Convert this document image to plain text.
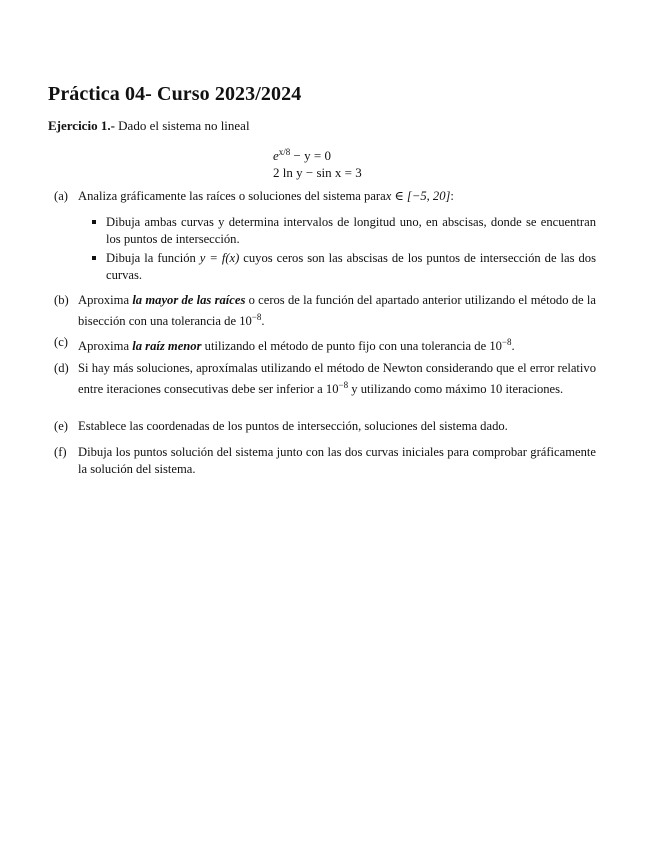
Práctica 04- Curso 2023/2024
Ejercicio 1.- Dado el sistema no lineal
$e^{x/8} - y = 0$
2 ln y − sin x = 3
(a) Analiza gráficamente las raíces o soluciones del sistema parax ∈ [−5, 20]:
Dibuja ambas curvas y determina intervalos de longitud uno, en abscisas, donde se encuentran los puntos de intersección.
Dibuja la función y = f(x) cuyos ceros son las abscisas de los puntos de intersección de las dos curvas.
(b) Aproxima la mayor de las raíces o ceros de la función del apartado anterior utilizando el método de la bisección con una tolerancia de $10^{-8}$.
(c) Aproxima la raíz menor utilizando el método de punto fijo con una tolerancia de $10^{-8}$.
(d) Si hay más soluciones, aproxímalas utilizando el método de Newton considerando que el error relativo entre iteraciones consecutivas debe ser inferior a $10^{-8}$ y utilizando como máximo 10 iteraciones.
(e) Establece las coordenadas de los puntos de intersección, soluciones del sistema dado.
(f) Dibuja los puntos solución del sistema junto con las dos curvas iniciales para comprobar gráficamente la solución del sistema.
